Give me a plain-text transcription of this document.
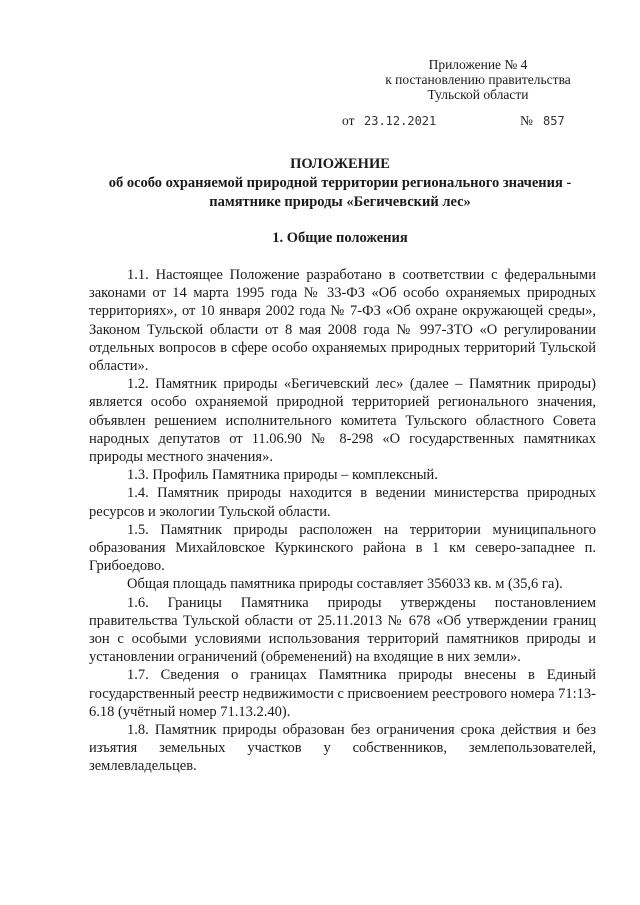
Приложение № 4
к постановлению правительства
Тульской области
от 23.12.2021	№ 857
ПОЛОЖЕНИЕ
об особо охраняемой природной территории регионального значения -
памятнике природы «Бегичевский лес»
1. Общие положения

1.1. Настоящее Положение разработано в соответствии с федеральными законами от 14 марта 1995 года № 33-ФЗ «Об особо охраняемых природных территориях», от 10 января 2002 года № 7-ФЗ «Об охране окружающей среды», Законом Тульской области от 8 мая 2008 года № 997-ЗТО «О регулировании отдельных вопросов в сфере особо охраняемых природных территорий Тульской области».

1.2. Памятник природы «Бегичевский лес» (далее – Памятник природы) является особо охраняемой природной территорией регионального значения, объявлен решением исполнительного комитета Тульского областного Совета народных депутатов от 11.06.90 № 8-298 «О государственных памятниках природы местного значения».

1.3. Профиль Памятника природы – комплексный.

1.4. Памятник природы находится в ведении министерства природных ресурсов и экологии Тульской области.

1.5. Памятник природы расположен на территории муниципального образования Михайловское Куркинского района в 1 км северо-западнее п. Грибоедово.

Общая площадь памятника природы составляет 356033 кв. м (35,6 га).

1.6. Границы Памятника природы утверждены постановлением правительства Тульской области от 25.11.2013 № 678 «Об утверждении границ зон с особыми условиями использования территорий памятников природы и установлении ограничений (обременений) на входящие в них земли».

1.7. Сведения о границах Памятника природы внесены в Единый государственный реестр недвижимости с присвоением реестрового номера 71:13-6.18 (учётный номер 71.13.2.40).

1.8. Памятник природы образован без ограничения срока действия и без изъятия земельных участков у собственников, землепользователей, землевладельцев.
